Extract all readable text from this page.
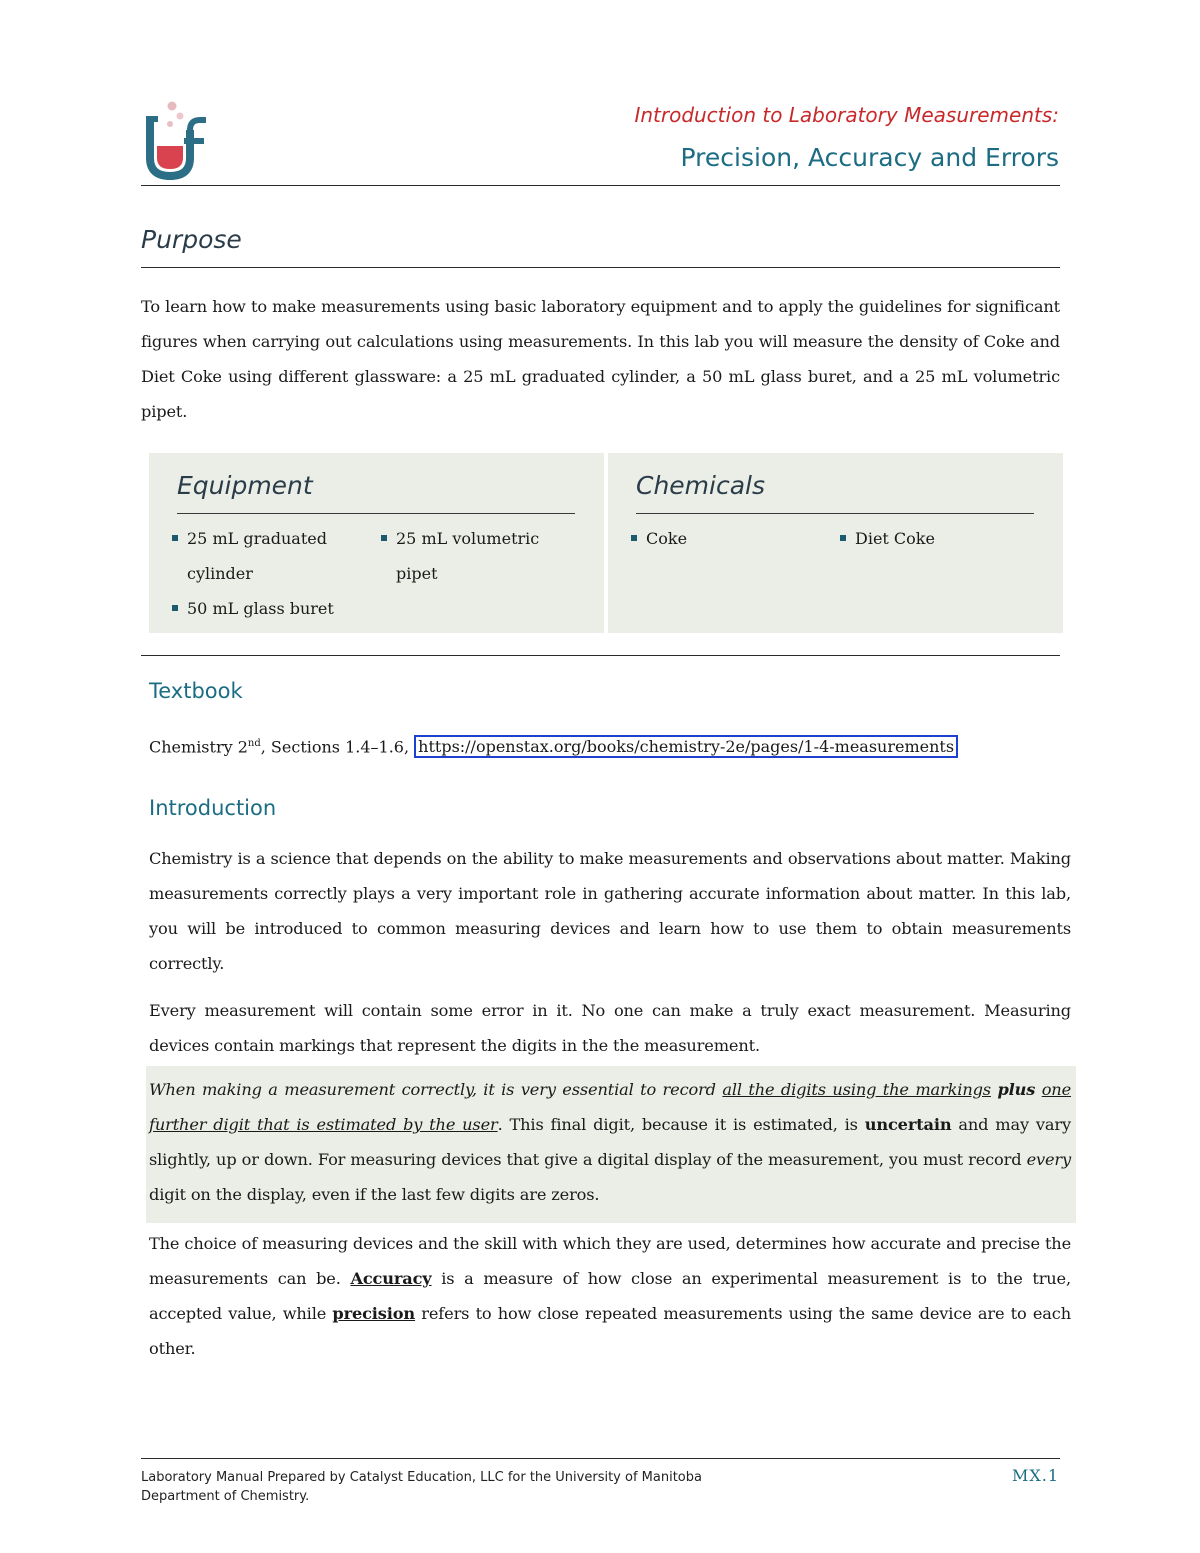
Introduction to Laboratory Measurements:
Precision, Accuracy and Errors
Purpose
To learn how to make measurements using basic laboratory equipment and to apply the guidelines for significant figures when carrying out calculations using measurements. In this lab you will measure the density of Coke and Diet Coke using different glassware: a 25 mL graduated cylinder, a 50 mL glass buret, and a 25 mL volumetric pipet.
Equipment
25 mL graduated cylinder
25 mL volumetric pipet
50 mL glass buret
Chemicals
Coke	Diet Coke
Textbook
Chemistry 2nd, Sections 1.4–1.6, https://openstax.org/books/chemistry-2e/pages/1-4-measurements
Introduction
Chemistry is a science that depends on the ability to make measurements and observations about matter. Making measurements correctly plays a very important role in gathering accurate information about matter. In this lab, you will be introduced to common measuring devices and learn how to use them to obtain measurements correctly.
Every measurement will contain some error in it. No one can make a truly exact measurement. Measuring devices contain markings that represent the digits in the the measurement.
When making a measurement correctly, it is very essential to record all the digits using the markings plus one further digit that is estimated by the user. This final digit, because it is estimated, is uncertain and may vary slightly, up or down. For measuring devices that give a digital display of the measurement, you must record every digit on the display, even if the last few digits are zeros.
The choice of measuring devices and the skill with which they are used, determines how accurate and precise the measurements can be. Accuracy is a measure of how close an experimental measurement is to the true, accepted value, while precision refers to how close repeated measurements using the same device are to each other.
Laboratory Manual Prepared by Catalyst Education, LLC for the University of Manitoba
Department of Chemistry.
MX.1
